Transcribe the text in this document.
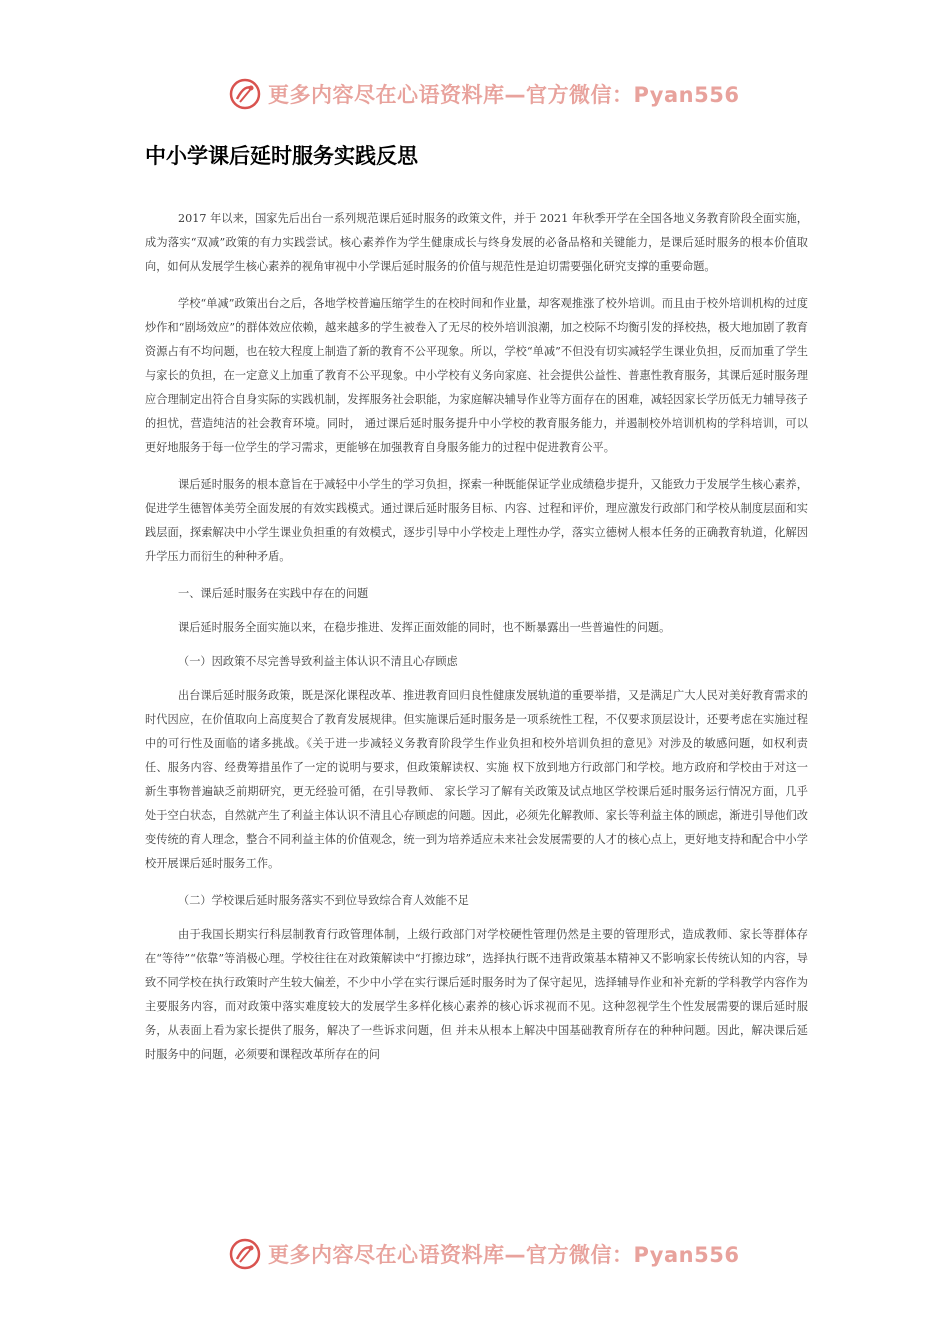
更多内容尽在心语资料库—官方微信：Pyan556
中小学课后延时服务实践反思

2017 年以来，国家先后出台一系列规范课后延时服务的政策文件，并于 2021 年秋季开学在全国各地义务教育阶段全面实施，成为落实“双减”政策的有力实践尝试。核心素养作为学生健康成长与终身发展的必备品格和关键能力，是课后延时服务的根本价值取向，如何从发展学生核心素养的视角审视中小学课后延时服务的价值与规范性是迫切需要强化研究支撑的重要命题。

学校“单减”政策出台之后，各地学校普遍压缩学生的在校时间和作业量，却客观推涨了校外培训。而且由于校外培训机构的过度炒作和“剧场效应”的群体效应依赖，越来越多的学生被卷入了无尽的校外培训浪潮，加之校际不均衡引发的择校热，极大地加剧了教育资源占有不均问题，也在较大程度上制造了新的教育不公平现象。所以，学校“单减”不但没有切实减轻学生课业负担，反而加重了学生与家长的负担，在一定意义上加重了教育不公平现象。中小学校有义务向家庭、社会提供公益性、普惠性教育服务，其课后延时服务理应合理制定出符合自身实际的实践机制，发挥服务社会职能，为家庭解决辅导作业等方面存在的困难，减轻因家长学历低无力辅导孩子的担忧，营造纯洁的社会教育环境。同时， 通过课后延时服务提升中小学校的教育服务能力，并遏制校外培训机构的学科培训，可以更好地服务于每一位学生的学习需求，更能够在加强教育自身服务能力的过程中促进教育公平。

课后延时服务的根本意旨在于减轻中小学生的学习负担，探索一种既能保证学业成绩稳步提升，又能致力于发展学生核心素养，促进学生德智体美劳全面发展的有效实践模式。通过课后延时服务目标、内容、过程和评价，理应激发行政部门和学校从制度层面和实践层面，探索解决中小学生课业负担重的有效模式，逐步引导中小学校走上理性办学，落实立德树人根本任务的正确教育轨道，化解因升学压力而衍生的种种矛盾。

一、课后延时服务在实践中存在的问题

课后延时服务全面实施以来，在稳步推进、发挥正面效能的同时，也不断暴露出一些普遍性的问题。

（一）因政策不尽完善导致利益主体认识不清且心存顾虑

出台课后延时服务政策，既是深化课程改革、推进教育回归良性健康发展轨道的重要举措，又是满足广大人民对美好教育需求的时代因应，在价值取向上高度契合了教育发展规律。但实施课后延时服务是一项系统性工程，不仅要求顶层设计，还要考虑在实施过程中的可行性及面临的诸多挑战。《关于进一步减轻义务教育阶段学生作业负担和校外培训负担的意见》对涉及的敏感问题，如权利责任、服务内容、经费筹措虽作了一定的说明与要求，但政策解读权、实施 权下放到地方行政部门和学校。地方政府和学校由于对这一新生事物普遍缺乏前期研究，更无经验可循，在引导教师、 家长学习了解有关政策及试点地区学校课后延时服务运行情况方面，几乎处于空白状态，自然就产生了利益主体认识不清且心存顾虑的问题。因此，必须先化解教师、家长等利益主体的顾虑，渐进引导他们改变传统的育人理念，整合不同利益主体的价值观念，统一到为培养适应未来社会发展需要的人才的核心点上，更好地支持和配合中小学校开展课后延时服务工作。

（二）学校课后延时服务落实不到位导致综合育人效能不足

由于我国长期实行科层制教育行政管理体制，上级行政部门对学校硬性管理仍然是主要的管理形式，造成教师、家长等群体存在“等待”“依靠”等消极心理。学校往往在对政策解读中“打擦边球”，选择执行既不违背政策基本精神又不影响家长传统认知的内容，导致不同学校在执行政策时产生较大偏差，不少中小学在实行课后延时服务时为了保守起见，选择辅导作业和补充新的学科教学内容作为主要服务内容，而对政策中落实难度较大的发展学生多样化核心素养的核心诉求视而不见。这种忽视学生个性发展需要的课后延时服务，从表面上看为家长提供了服务，解决了一些诉求问题，但 并未从根本上解决中国基础教育所存在的种种问题。因此，解决课后延时服务中的问题，必须要和课程改革所存在的问

更多内容尽在心语资料库—官方微信：Pyan556
